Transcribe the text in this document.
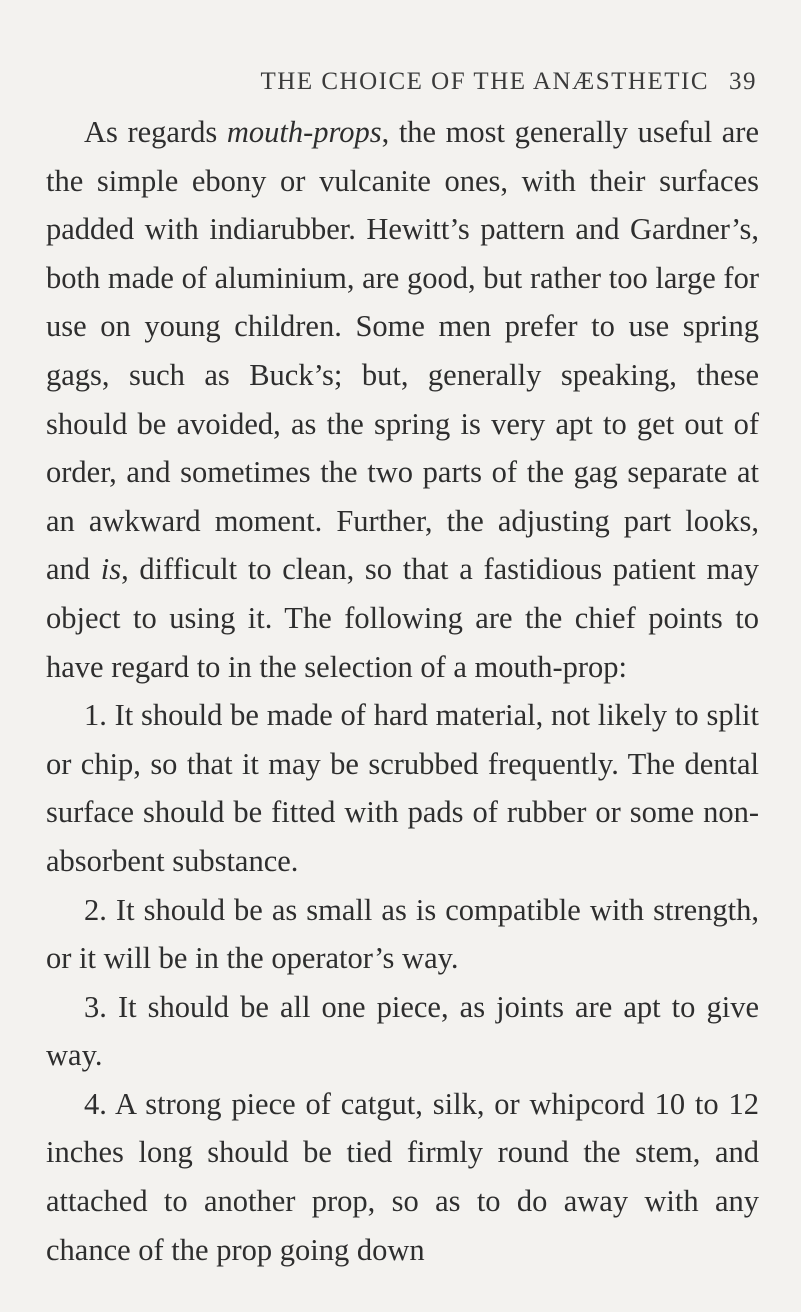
THE CHOICE OF THE ANÆSTHETIC 39

As regards mouth-props, the most generally useful are the simple ebony or vulcanite ones, with their surfaces padded with indiarubber. Hewitt’s pattern and Gardner’s, both made of aluminium, are good, but rather too large for use on young children. Some men prefer to use spring gags, such as Buck’s; but, generally speaking, these should be avoided, as the spring is very apt to get out of order, and sometimes the two parts of the gag separate at an awkward moment. Further, the adjusting part looks, and is, difficult to clean, so that a fastidious patient may object to using it. The following are the chief points to have regard to in the selection of a mouth-prop:

1. It should be made of hard material, not likely to split or chip, so that it may be scrubbed frequently. The dental surface should be fitted with pads of rubber or some non-absorbent substance.

2. It should be as small as is compatible with strength, or it will be in the operator’s way.

3. It should be all one piece, as joints are apt to give way.

4. A strong piece of catgut, silk, or whipcord 10 to 12 inches long should be tied firmly round the stem, and attached to another prop, so as to do away with any chance of the prop going down
